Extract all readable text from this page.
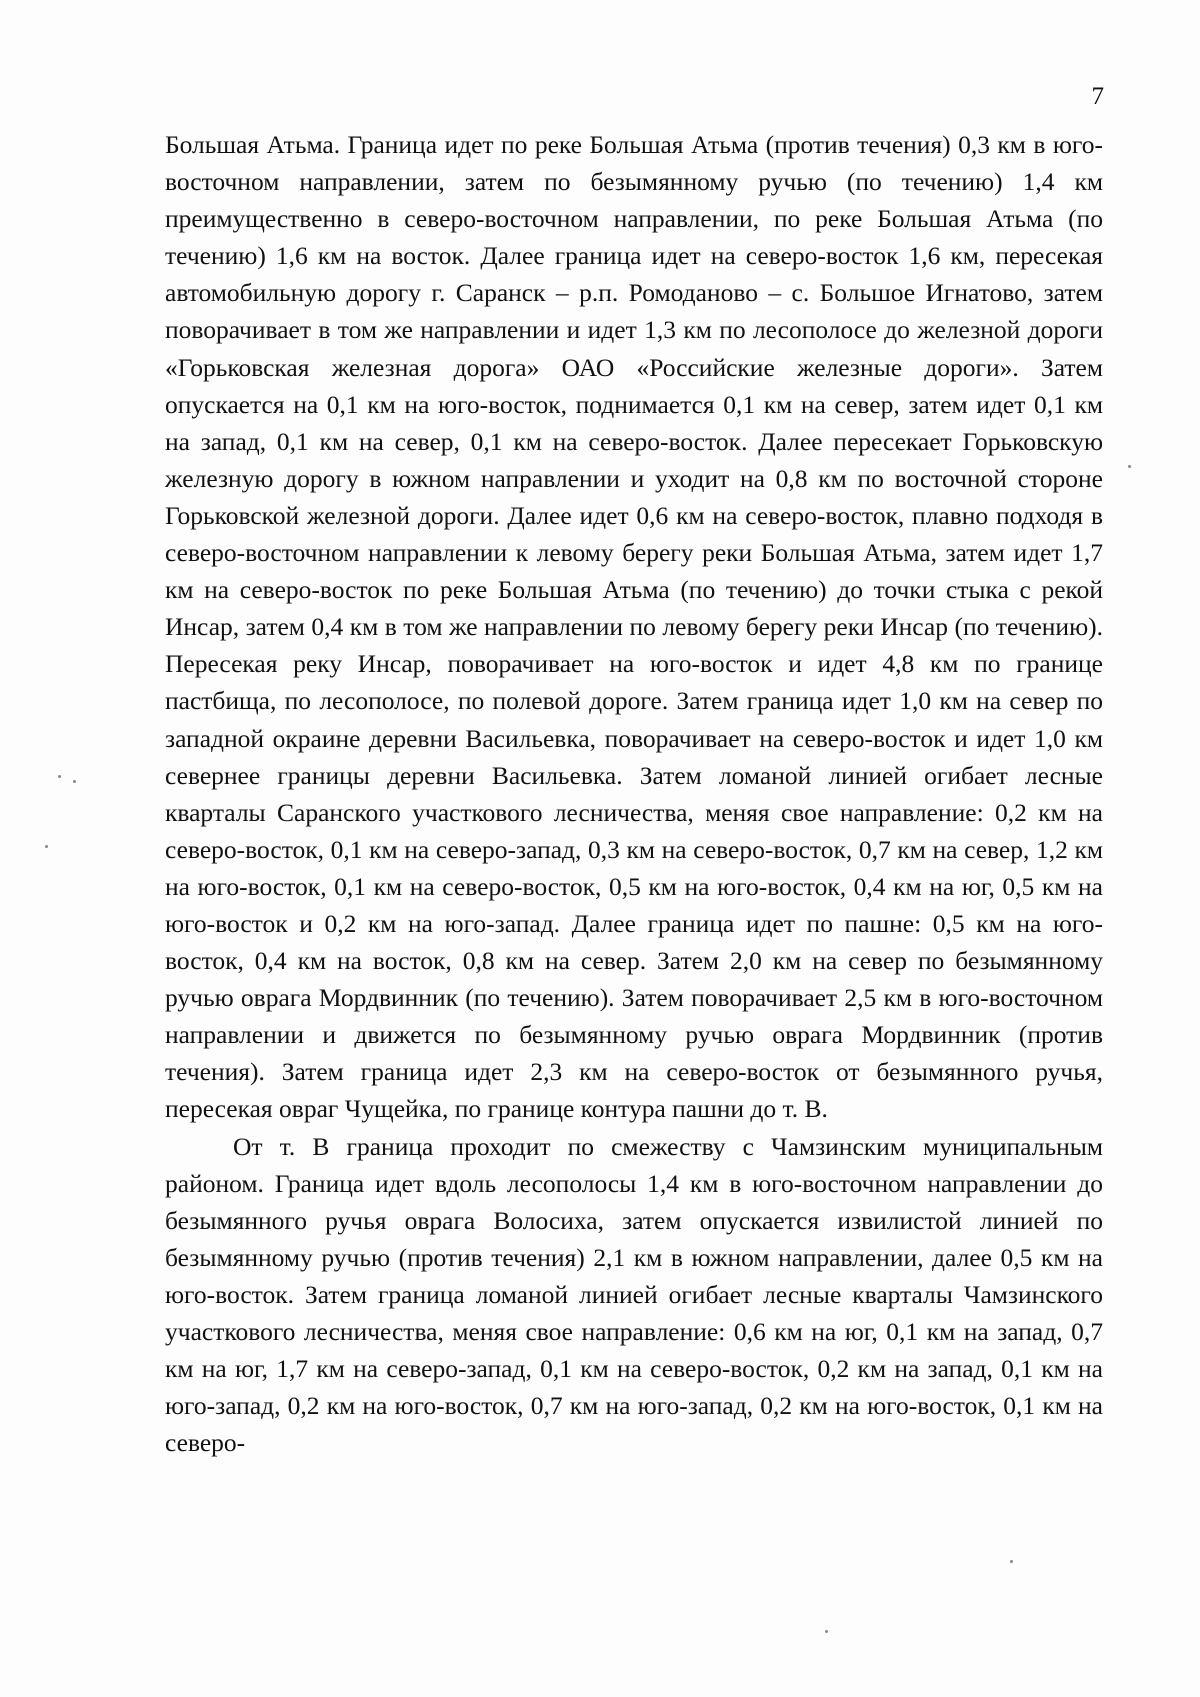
7

Большая Атьма. Граница идет по реке Большая Атьма (против течения) 0,3 км в юго-восточном направлении, затем по безымянному ручью (по течению) 1,4 км преимущественно в северо-восточном направлении, по реке Большая Атьма (по течению) 1,6 км на восток. Далее граница идет на северо-восток 1,6 км, пересекая автомобильную дорогу г. Саранск – р.п. Ромоданово – с. Большое Игнатово, затем поворачивает в том же направлении и идет 1,3 км по лесополосе до железной дороги «Горьковская железная дорога» ОАО «Российские железные дороги». Затем опускается на 0,1 км на юго-восток, поднимается 0,1 км на север, затем идет 0,1 км на запад, 0,1 км на север, 0,1 км на северо-восток. Далее пересекает Горьковскую железную дорогу в южном направлении и уходит на 0,8 км по восточной стороне Горьковской железной дороги. Далее идет 0,6 км на северо-восток, плавно подходя в северо-восточном направлении к левому берегу реки Большая Атьма, затем идет 1,7 км на северо-восток по реке Большая Атьма (по течению) до точки стыка с рекой Инсар, затем 0,4 км в том же направлении по левому берегу реки Инсар (по течению). Пересекая реку Инсар, поворачивает на юго-восток и идет 4,8 км по границе пастбища, по лесополосе, по полевой дороге. Затем граница идет 1,0 км на север по западной окраине деревни Васильевка, поворачивает на северо-восток и идет 1,0 км севернее границы деревни Васильевка. Затем ломаной линией огибает лесные кварталы Саранского участкового лесничества, меняя свое направление: 0,2 км на северо-восток, 0,1 км на северо-запад, 0,3 км на северо-восток, 0,7 км на север, 1,2 км на юго-восток, 0,1 км на северо-восток, 0,5 км на юго-восток, 0,4 км на юг, 0,5 км на юго-восток и 0,2 км на юго-запад. Далее граница идет по пашне: 0,5 км на юго-восток, 0,4 км на восток, 0,8 км на север. Затем 2,0 км на север по безымянному ручью оврага Мордвинник (по течению). Затем поворачивает 2,5 км в юго-восточном направлении и движется по безымянному ручью оврага Мордвинник (против течения). Затем граница идет 2,3 км на северо-восток от безымянного ручья, пересекая овраг Чущейка, по границе контура пашни до т. В.

От т. В граница проходит по смежеству с Чамзинским муниципальным районом. Граница идет вдоль лесополосы 1,4 км в юго-восточном направлении до безымянного ручья оврага Волосиха, затем опускается извилистой линией по безымянному ручью (против течения) 2,1 км в южном направлении, далее 0,5 км на юго-восток. Затем граница ломаной линией огибает лесные кварталы Чамзинского участкового лесничества, меняя свое направление: 0,6 км на юг, 0,1 км на запад, 0,7 км на юг, 1,7 км на северо-запад, 0,1 км на северо-восток, 0,2 км на запад, 0,1 км на юго-запад, 0,2 км на юго-восток, 0,7 км на юго-запад, 0,2 км на юго-восток, 0,1 км на северо-
